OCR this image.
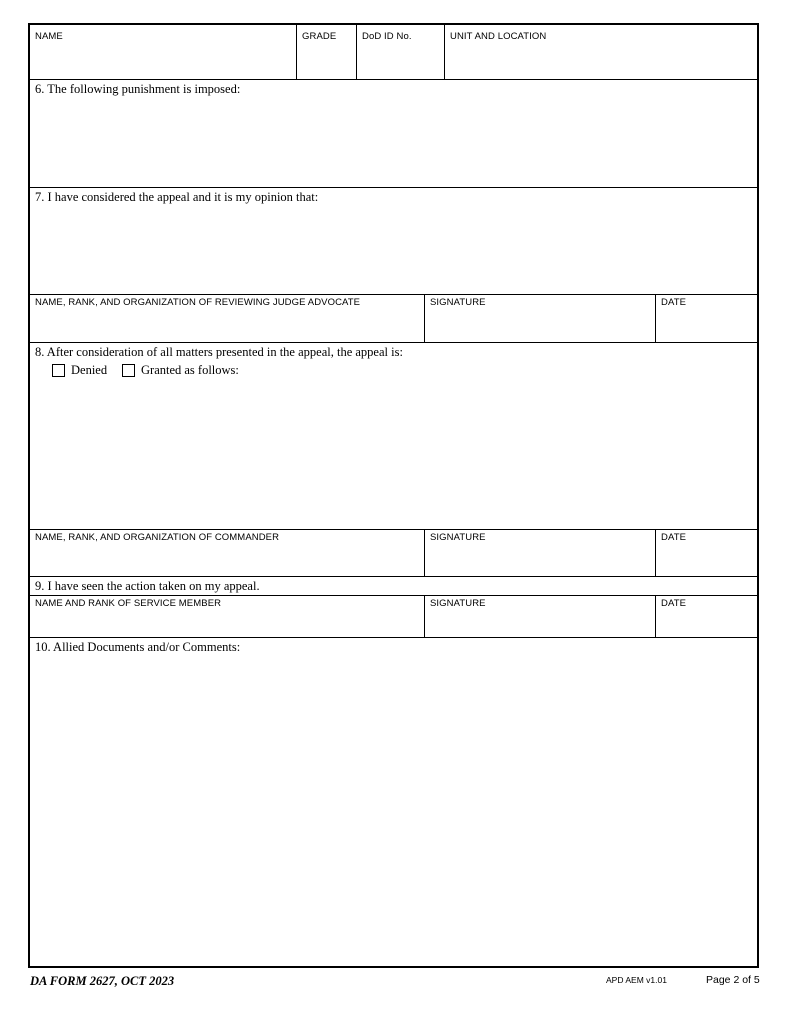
NAME	GRADE	DoD ID No.	UNIT AND LOCATION
6. The following punishment is imposed:
7. I have considered the appeal and it is my opinion that:
NAME, RANK, AND ORGANIZATION OF REVIEWING JUDGE ADVOCATE	SIGNATURE	DATE
8. After consideration of all matters presented in the appeal, the appeal is:
Denied	Granted as follows:
NAME, RANK, AND ORGANIZATION OF COMMANDER	SIGNATURE	DATE
9. I have seen the action taken on my appeal.
NAME AND RANK OF SERVICE MEMBER	SIGNATURE	DATE
10. Allied Documents and/or Comments:
DA FORM 2627, OCT 2023	APD AEM v1.01	Page 2 of 5
